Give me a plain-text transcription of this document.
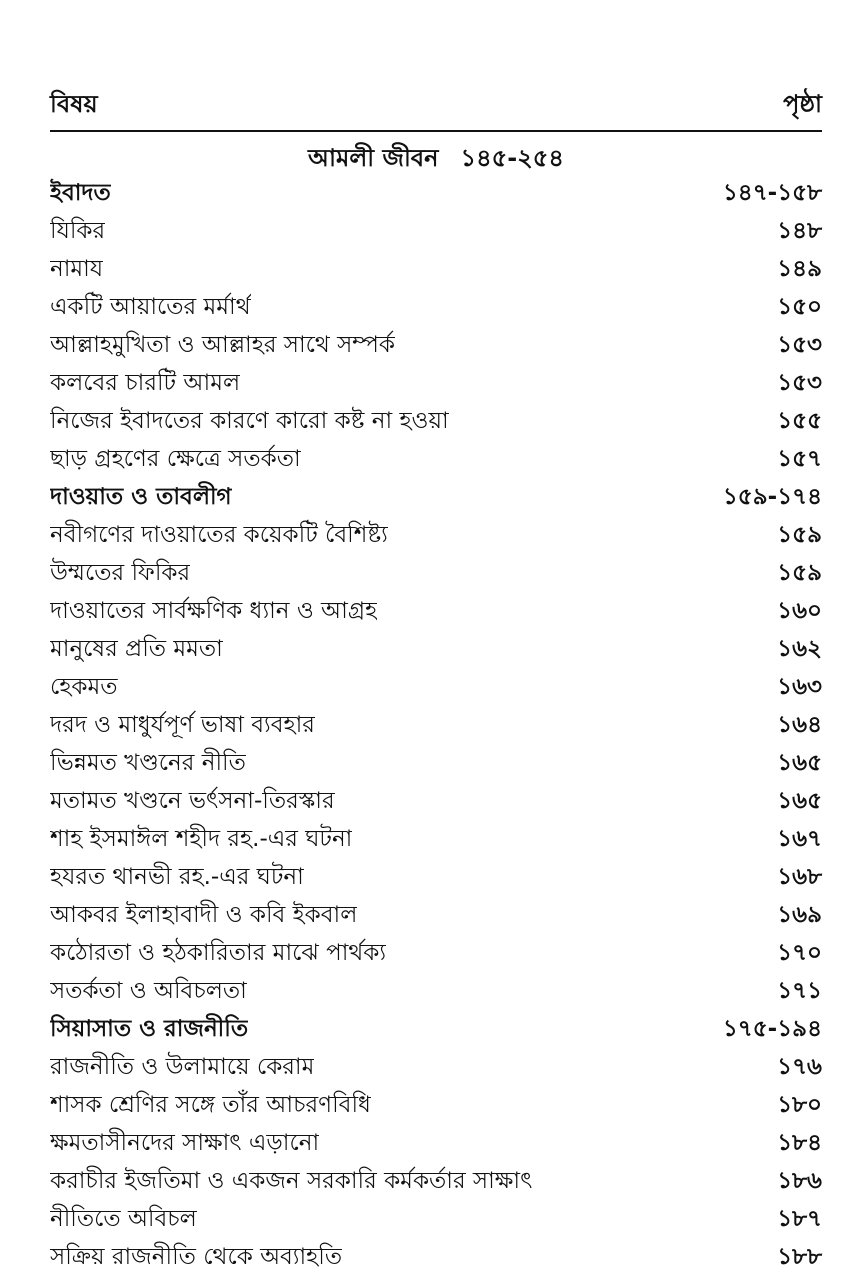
বিষয়	পৃষ্ঠা
আমলী জীবন ১৪৫-২৫৪
ইবাদত	১৪৭-১৫৮
যিকির	১৪৮
নামায	১৪৯
একটি আয়াতের মর্মার্থ	১৫০
আল্লাহমুখিতা ও আল্লাহর সাথে সম্পর্ক	১৫৩
কলবের চারটি আমল	১৫৩
নিজের ইবাদতের কারণে কারো কষ্ট না হওয়া	১৫৫
ছাড় গ্রহণের ক্ষেত্রে সতর্কতা	১৫৭
দাওয়াত ও তাবলীগ	১৫৯-১৭৪
নবীগণের দাওয়াতের কয়েকটি বৈশিষ্ট্য	১৫৯
উম্মতের ফিকির	১৫৯
দাওয়াতের সার্বক্ষণিক ধ্যান ও আগ্রহ	১৬০
মানুষের প্রতি মমতা	১৬২
হেকমত	১৬৩
দরদ ও মাধুর্যপূর্ণ ভাষা ব্যবহার	১৬৪
ভিন্নমত খণ্ডনের নীতি	১৬৫
মতামত খণ্ডনে ভর্ৎসনা-তিরস্কার	১৬৫
শাহ ইসমাঈল শহীদ রহ.-এর ঘটনা	১৬৭
হযরত থানভী রহ.-এর ঘটনা	১৬৮
আকবর ইলাহাবাদী ও কবি ইকবাল	১৬৯
কঠোরতা ও হঠকারিতার মাঝে পার্থক্য	১৭০
সতর্কতা ও অবিচলতা	১৭১
সিয়াসাত ও রাজনীতি	১৭৫-১৯৪
রাজনীতি ও উলামায়ে কেরাম	১৭৬
শাসক শ্রেণির সঙ্গে তাঁর আচরণবিধি	১৮০
ক্ষমতাসীনদের সাক্ষাৎ এড়ানো	১৮৪
করাচীর ইজতিমা ও একজন সরকারি কর্মকর্তার সাক্ষাৎ	১৮৬
নীতিতে অবিচল	১৮৭
সক্রিয় রাজনীতি থেকে অব্যাহতি	১৮৮
